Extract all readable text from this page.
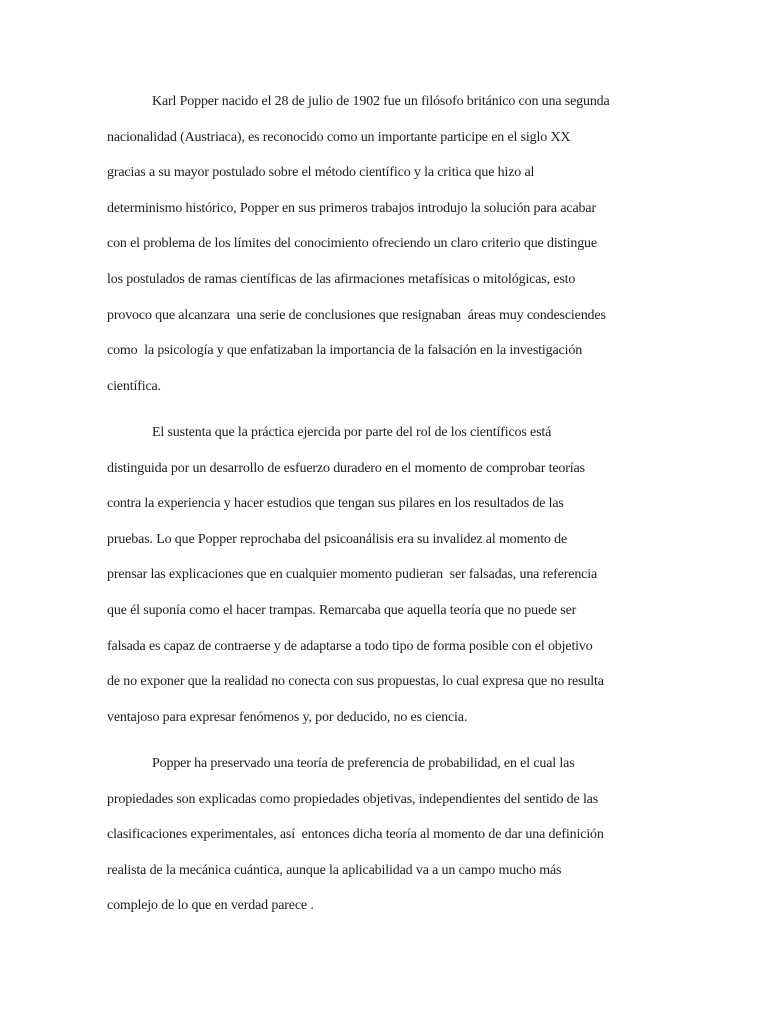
Karl Popper nacido el 28 de julio de 1902 fue un filósofo británico con una segunda
nacionalidad (Austriaca), es reconocido como un importante participe en el siglo XX
gracias a su mayor postulado sobre el método científico y la critica que hizo al
determinismo histórico, Popper en sus primeros trabajos introdujo la solución para acabar
con el problema de los límites del conocimiento ofreciendo un claro criterio que distingue
los postulados de ramas científicas de las afirmaciones metafísicas o mitológicas, esto
provoco que alcanzara  una serie de conclusiones que resignaban  áreas muy condesciendes
como  la psicología y que enfatizaban la importancia de la falsación en la investigación
científica.
El sustenta que la práctica ejercida por parte del rol de los científicos está
distinguida por un desarrollo de esfuerzo duradero en el momento de comprobar teorías
contra la experiencia y hacer estudios que tengan sus pilares en los resultados de las
pruebas. Lo que Popper reprochaba del psicoanálisis era su invalidez al momento de
prensar las explicaciones que en cualquier momento pudieran  ser falsadas, una referencia
que él suponía como el hacer trampas. Remarcaba que aquella teoría que no puede ser
falsada es capaz de contraerse y de adaptarse a todo tipo de forma posible con el objetivo
de no exponer que la realidad no conecta con sus propuestas, lo cual expresa que no resulta
ventajoso para expresar fenómenos y, por deducido, no es ciencia.
Popper ha preservado una teoría de preferencia de probabilidad, en el cual las
propiedades son explicadas como propiedades objetivas, independientes del sentido de las
clasificaciones experimentales, así  entonces dicha teoría al momento de dar una definición
realista de la mecánica cuántica, aunque la aplicabilidad va a un campo mucho más
complejo de lo que en verdad parece .
